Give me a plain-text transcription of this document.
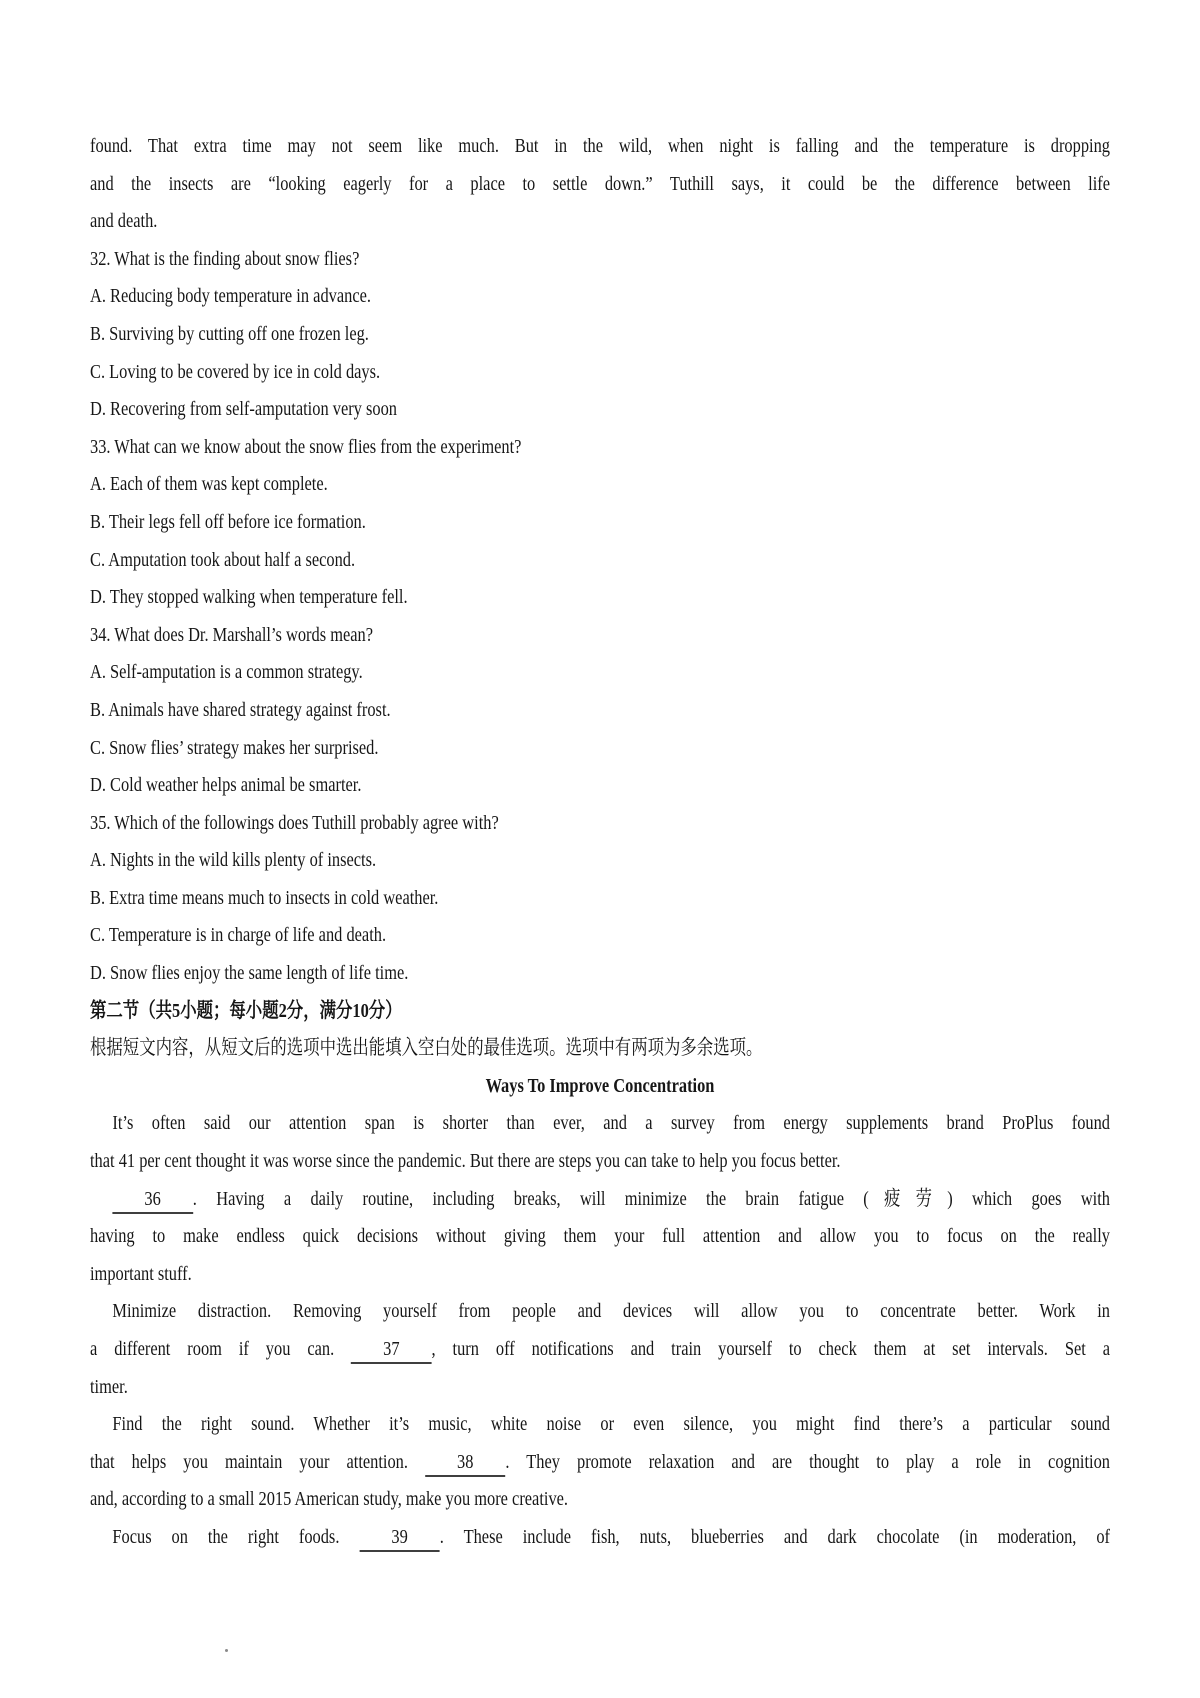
found. That extra time may not seem like much. But in the wild, when night is falling and the temperature is dropping
and the insects are “looking eagerly for a place to settle down.” Tuthill says, it could be the difference between life
and death.
32. What is the finding about snow flies?
A. Reducing body temperature in advance.
B. Surviving by cutting off one frozen leg.
C. Loving to be covered by ice in cold days.
D. Recovering from self-amputation very soon
33. What can we know about the snow flies from the experiment?
A. Each of them was kept complete.
B. Their legs fell off before ice formation.
C. Amputation took about half a second.
D. They stopped walking when temperature fell.
34. What does Dr. Marshall’s words mean?
A. Self-amputation is a common strategy.
B. Animals have shared strategy against frost.
C. Snow flies’ strategy makes her surprised.
D. Cold weather helps animal be smarter.
35. Which of the followings does Tuthill probably agree with?
A. Nights in the wild kills plenty of insects.
B. Extra time means much to insects in cold weather.
C. Temperature is in charge of life and death.
D. Snow flies enjoy the same length of life time.
第二节（共5小题；每小题2分，满分10分）
根据短文内容，从短文后的选项中选出能填入空白处的最佳选项。选项中有两项为多余选项。
Ways To Improve Concentration
It’s often said our attention span is shorter than ever, and a survey from energy supplements brand ProPlus found
that 41 per cent thought it was worse since the pandemic. But there are steps you can take to help you focus better.
36 . Having a daily routine, including breaks, will minimize the brain fatigue (疲劳) which goes with
having to make endless quick decisions without giving them your full attention and allow you to focus on the really
important stuff.
Minimize distraction. Removing yourself from people and devices will allow you to concentrate better. Work in
a different room if you can. 37 , turn off notifications and train yourself to check them at set intervals. Set a
timer.
Find the right sound. Whether it’s music, white noise or even silence, you might find there’s a particular sound
that helps you maintain your attention. 38 . They promote relaxation and are thought to play a role in cognition
and, according to a small 2015 American study, make you more creative.
Focus on the right foods.	39 . These include fish, nuts, blueberries and dark chocolate (in moderation, of
